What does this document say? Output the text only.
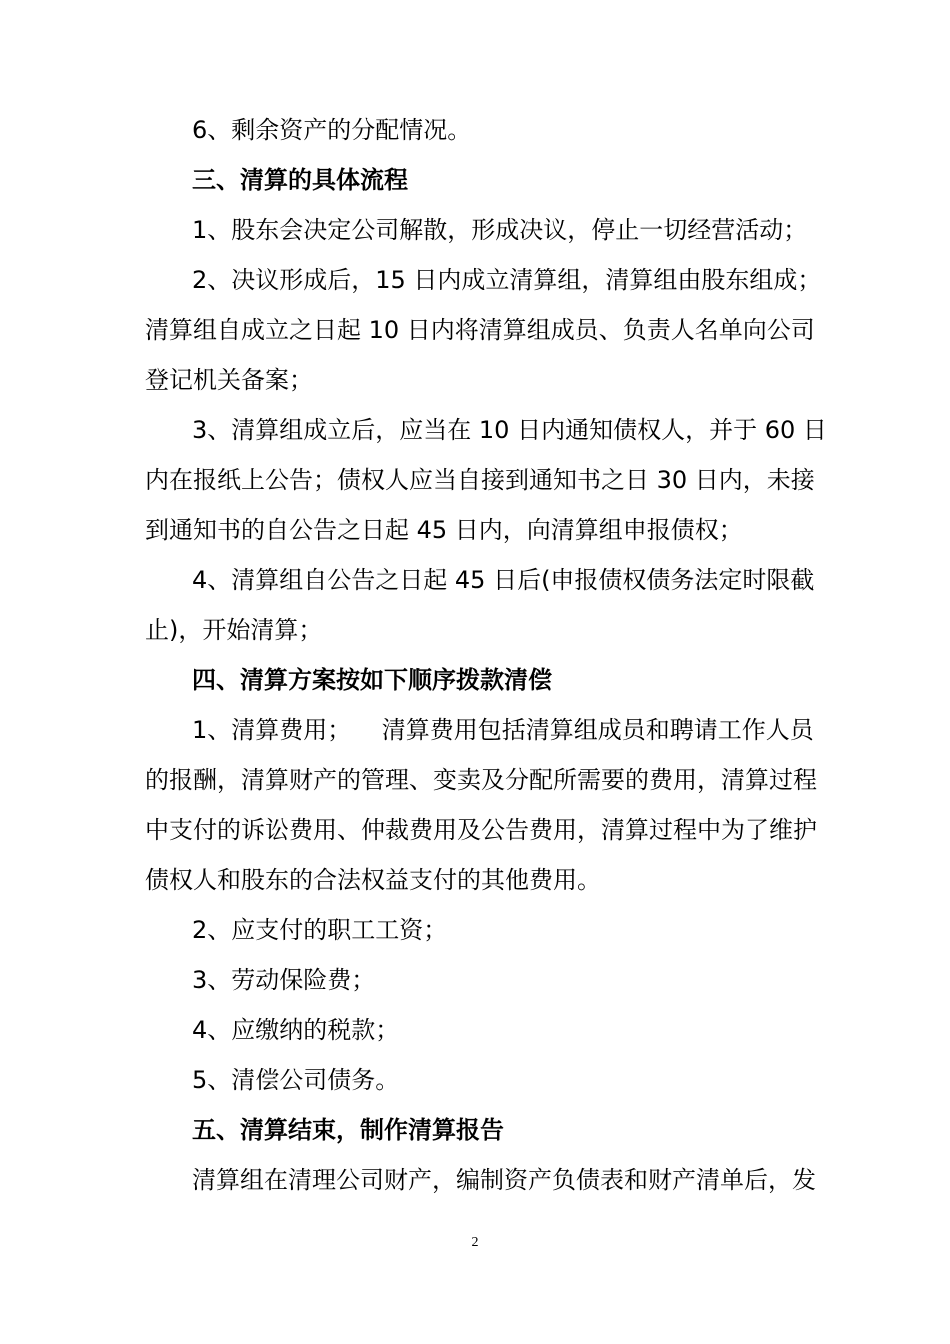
6、剩余资产的分配情况。
三、清算的具体流程
1、股东会决定公司解散，形成决议，停止一切经营活动；
2、决议形成后，15 日内成立清算组，清算组由股东组成；
清算组自成立之日起 10 日内将清算组成员、负责人名单向公司
登记机关备案；
3、清算组成立后，应当在 10 日内通知债权人，并于 60 日
内在报纸上公告；债权人应当自接到通知书之日 30 日内，未接
到通知书的自公告之日起 45 日内，向清算组申报债权；
4、清算组自公告之日起 45 日后(申报债权债务法定时限截
止)，开始清算；
四、清算方案按如下顺序拨款清偿
1、清算费用；    清算费用包括清算组成员和聘请工作人员
的报酬，清算财产的管理、变卖及分配所需要的费用，清算过程
中支付的诉讼费用、仲裁费用及公告费用，清算过程中为了维护
债权人和股东的合法权益支付的其他费用。
2、应支付的职工工资；
3、劳动保险费；
4、应缴纳的税款；
5、清偿公司债务。
五、清算结束，制作清算报告
清算组在清理公司财产，编制资产负债表和财产清单后，发
2
